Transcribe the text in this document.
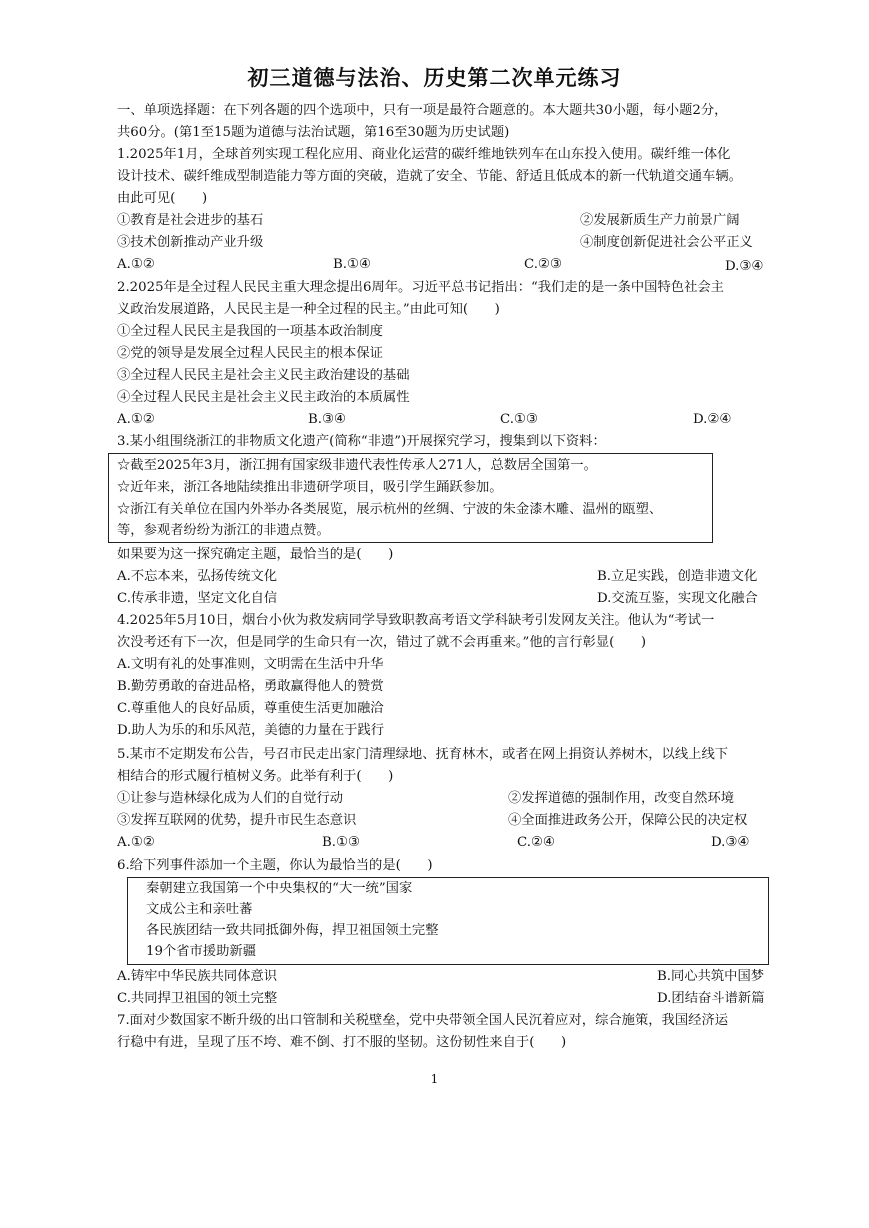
初三道德与法治、历史第二次单元练习
一、单项选择题：在下列各题的四个选项中，只有一项是最符合题意的。本大题共30小题，每小题2分，
共60分。(第1至15题为道德与法治试题，第16至30题为历史试题)
1.2025年1月，全球首列实现工程化应用、商业化运营的碳纤维地铁列车在山东投入使用。碳纤维一体化
设计技术、碳纤维成型制造能力等方面的突破，造就了安全、节能、舒适且低成本的新一代轨道交通车辆。
由此可见(　　)
①教育是社会进步的基石	②发展新质生产力前景广阔
③技术创新推动产业升级	④制度创新促进社会公平正义
A.①②	B.①④	C.②③	D.③④
2.2025年是全过程人民民主重大理念提出6周年。习近平总书记指出：“我们走的是一条中国特色社会主
义政治发展道路，人民民主是一种全过程的民主。”由此可知(　　)
①全过程人民民主是我国的一项基本政治制度
②党的领导是发展全过程人民民主的根本保证
③全过程人民民主是社会主义民主政治建设的基础
④全过程人民民主是社会主义民主政治的本质属性
A.①②	B.③④	C.①③	D.②④
3.某小组围绕浙江的非物质文化遗产(简称“非遗”)开展探究学习，搜集到以下资料：
☆截至2025年3月，浙江拥有国家级非遗代表性传承人271人，总数居全国第一。
☆近年来，浙江各地陆续推出非遗研学项目，吸引学生踊跃参加。
☆浙江有关单位在国内外举办各类展览，展示杭州的丝绸、宁波的朱金漆木雕、温州的瓯塑、
等，参观者纷纷为浙江的非遗点赞。
如果要为这一探究确定主题，最恰当的是(　　)
A.不忘本来，弘扬传统文化	B.立足实践，创造非遗文化
C.传承非遗，坚定文化自信	D.交流互鉴，实现文化融合
4.2025年5月10日，烟台小伙为救发病同学导致职教高考语文学科缺考引发网友关注。他认为“考试一
次没考还有下一次，但是同学的生命只有一次，错过了就不会再重来。”他的言行彰显(　　)
A.文明有礼的处事准则，文明需在生活中升华
B.勤劳勇敢的奋进品格，勇敢赢得他人的赞赏
C.尊重他人的良好品质，尊重使生活更加融洽
D.助人为乐的和乐风范，美德的力量在于践行
5.某市不定期发布公告，号召市民走出家门清理绿地、抚育林木，或者在网上捐资认养树木，以线上线下
相结合的形式履行植树义务。此举有利于(　　)
①让参与造林绿化成为人们的自觉行动	②发挥道德的强制作用，改变自然环境
③发挥互联网的优势，提升市民生态意识	④全面推进政务公开，保障公民的决定权
A.①②	B.①③	C.②④	D.③④
6.给下列事件添加一个主题，你认为最恰当的是(　　)
秦朝建立我国第一个中央集权的“大一统”国家
文成公主和亲吐蕃
各民族团结一致共同抵御外侮，捍卫祖国领土完整
19个省市援助新疆
A.铸牢中华民族共同体意识	B.同心共筑中国梦
C.共同捍卫祖国的领土完整	D.团结奋斗谱新篇
7.面对少数国家不断升级的出口管制和关税壁垒，党中央带领全国人民沉着应对，综合施策，我国经济运
行稳中有进，呈现了压不垮、难不倒、打不服的坚韧。这份韧性来自于(　　)
1
